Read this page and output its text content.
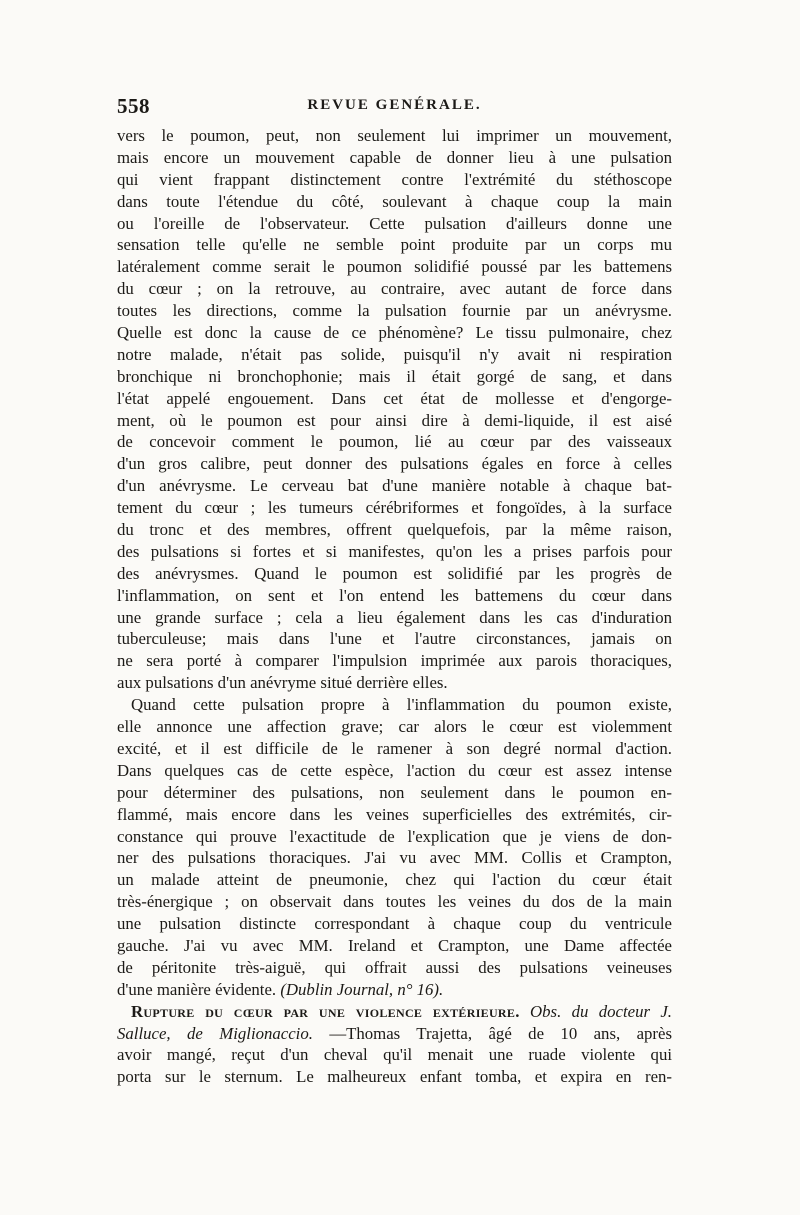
558	REVUE GENÉRALE.
vers le poumon, peut, non seulement lui imprimer un mouvement,
mais encore un mouvement capable de donner lieu à une pulsation
qui vient frappant distinctement contre l'extrémité du stéthoscope
dans toute l'étendue du côté, soulevant à chaque coup la main
ou l'oreille de l'observateur. Cette pulsation d'ailleurs donne une
sensation telle qu'elle ne semble point produite par un corps mu
latéralement comme serait le poumon solidifié poussé par les battemens
du cœur ; on la retrouve, au contraire, avec autant de force dans
toutes les directions, comme la pulsation fournie par un anévrysme.
Quelle est donc la cause de ce phénomène? Le tissu pulmonaire, chez
notre malade, n'était pas solide, puisqu'il n'y avait ni respiration
bronchique ni bronchophonie; mais il était gorgé de sang, et dans
l'état appelé engouement. Dans cet état de mollesse et d'engorge-
ment, où le poumon est pour ainsi dire à demi-liquide, il est aisé
de concevoir comment le poumon, lié au cœur par des vaisseaux
d'un gros calibre, peut donner des pulsations égales en force à celles
d'un anévrysme. Le cerveau bat d'une manière notable à chaque bat-
tement du cœur ; les tumeurs cérébriformes et fongoïdes, à la surface
du tronc et des membres, offrent quelquefois, par la même raison,
des pulsations si fortes et si manifestes, qu'on les a prises parfois pour
des anévrysmes. Quand le poumon est solidifié par les progrès de
l'inflammation, on sent et l'on entend les battemens du cœur dans
une grande surface ; cela a lieu également dans les cas d'induration
tuberculeuse; mais dans l'une et l'autre circonstances, jamais on
ne sera porté à comparer l'impulsion imprimée aux parois thoraciques,
aux pulsations d'un anévryme situé derrière elles.
Quand cette pulsation propre à l'inflammation du poumon existe,
elle annonce une affection grave; car alors le cœur est violemment
excité, et il est difficile de le ramener à son degré normal d'action.
Dans quelques cas de cette espèce, l'action du cœur est assez intense
pour déterminer des pulsations, non seulement dans le poumon en-
flammé, mais encore dans les veines superficielles des extrémités, cir-
constance qui prouve l'exactitude de l'explication que je viens de don-
ner des pulsations thoraciques. J'ai vu avec MM. Collis et Crampton,
un malade atteint de pneumonie, chez qui l'action du cœur était
très-énergique ; on observait dans toutes les veines du dos de la main
une pulsation distincte correspondant à chaque coup du ventricule
gauche. J'ai vu avec MM. Ireland et Crampton, une Dame affectée
de péritonite très-aiguë, qui offrait aussi des pulsations veineuses
d'une manière évidente. (Dublin Journal, n° 16).
Rupture du cœur par une violence extérieure. Obs. du docteur J.
Salluce, de Miglionaccio. —Thomas Trajetta, âgé de 10 ans, après
avoir mangé, reçut d'un cheval qu'il menait une ruade violente qui
porta sur le sternum. Le malheureux enfant tomba, et expira en ren-
